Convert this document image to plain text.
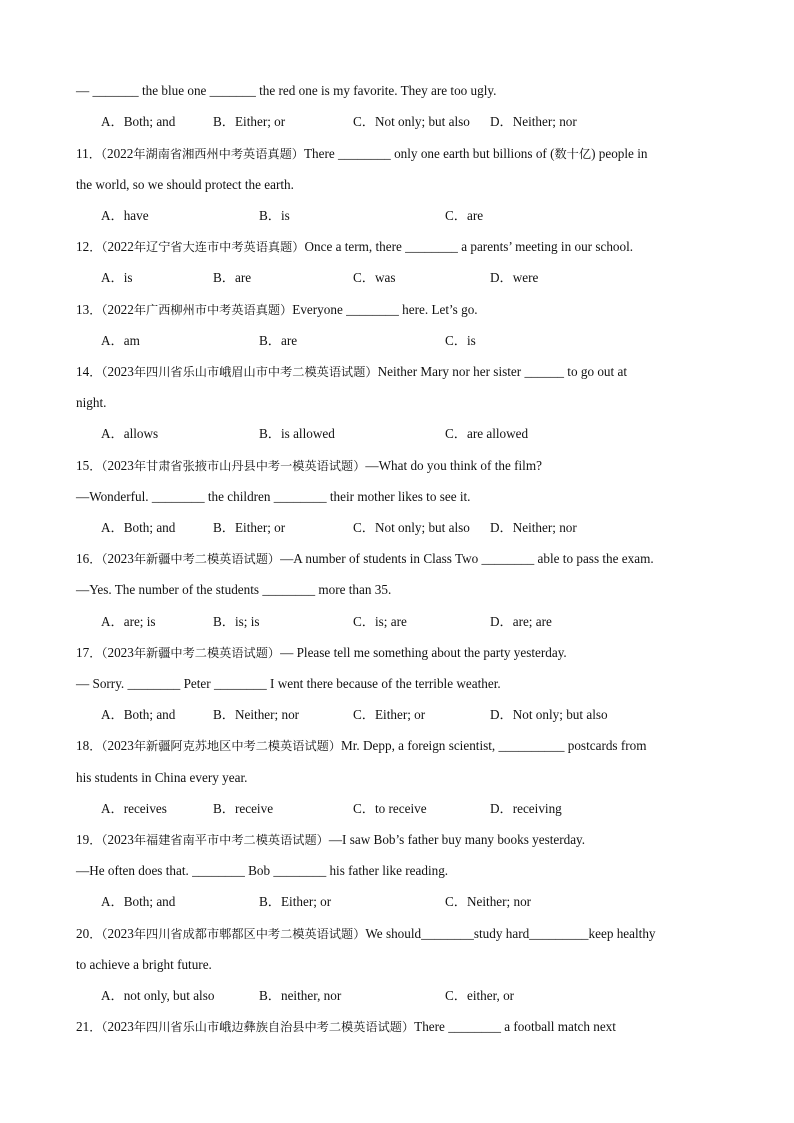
— _______ the blue one _______ the red one is my favorite. They are too ugly.
A．Both; and	B．Either; or	C．Not only; but also D．Neither; nor
11．（2022年湖南省湘西州中考英语真题）There ________ only one earth but billions of (数十亿) people in
the world, so we should protect the earth.
A．have	B．is	C．are
12．（2022年辽宁省大连市中考英语真题）Once a term, there ________ a parents’ meeting in our school.
A．is	B．are	C．was	D．were
13．（2022年广西柳州市中考英语真题）Everyone ________ here. Let’s go.
A．am	B．are	C．is
14．（2023年四川省乐山市峨眉山市中考二模英语试题）Neither Mary nor her sister ______ to go out at
night.
A．allows	B．is allowed	C．are allowed
15．（2023年甘肃省张掖市山丹县中考一模英语试题）—What do you think of the film?
—Wonderful. ________ the children ________ their mother likes to see it.
A．Both; and	B．Either; or	C．Not only; but also D．Neither; nor
16．（2023年新疆中考二模英语试题）—A number of students in Class Two ________ able to pass the exam.
—Yes. The number of the students ________ more than 35.
A．are; is	B．is; is	C．is; are	D．are; are
17．（2023年新疆中考二模英语试题）— Please tell me something about the party yesterday.
— Sorry. ________ Peter ________ I went there because of the terrible weather.
A．Both; and	B．Neither; nor	C．Either; or	D．Not only; but also
18．（2023年新疆阿克苏地区中考二模英语试题）Mr. Depp, a foreign scientist, __________ postcards from
his students in China every year.
A．receives	B．receive	C．to receive	D．receiving
19．（2023年福建省南平市中考二模英语试题）—I saw Bob’s father buy many books yesterday.
—He often does that. ________ Bob ________ his father like reading.
A．Both; and	B．Either; or	C．Neither; nor
20．（2023年四川省成都市郫都区中考二模英语试题）We should________study hard_________keep healthy
to achieve a bright future.
A．not only, but also	B．neither, nor	C．either, or
21．（2023年四川省乐山市峨边彝族自治县中考二模英语试题）There ________ a football match next
